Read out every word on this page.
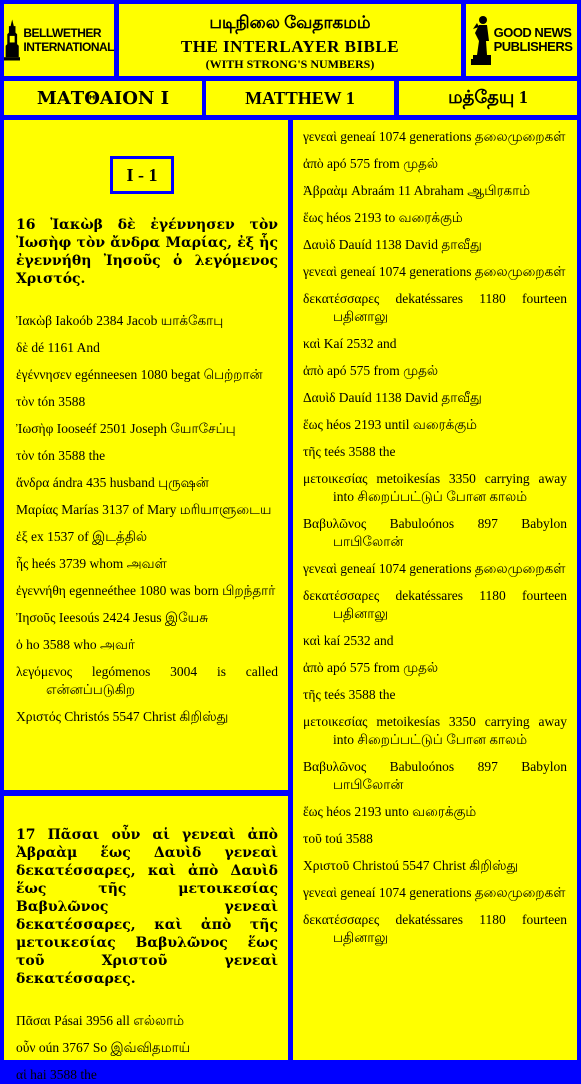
BELLWETHER
INTERNATIONAL
படிநிலை வேதாகமம்
THE INTERLAYER BIBLE
(WITH STRONG'S NUMBERS)
GOOD NEWS
PUBLISHERS
ΜΑΤΘΑΙΟΝ Ι	MATTHEW 1	மத்தேயு 1
I - 1
16 Ἰακὼβ δὲ ἐγέννησεν τὸν Ἰωσὴφ τὸν ἄνδρα Μαρίας, ἐξ ἧς ἐγεννήθη Ἰησοῦς ὁ λεγόμενος Χριστός.
Ἰακὼβ Iakoób 2384 Jacob யாக்கோபு
δὲ dé 1161 And
ἐγέννησεν egénneesen 1080 begat பெற்றான்
τὸν tón 3588
Ἰωσὴφ Iooseéf 2501 Joseph யோசேப்பு
τὸν tón 3588 the
ἄνδρα ándra 435 husband புருஷன்
Μαρίας Marías 3137 of Mary மரியாளுடைய
ἐξ ex 1537 of இடத்தில்
ἧς heés 3739 whom அவள்
ἐγεννήθη egenneéthee 1080 was born பிறந்தார்
Ἰησοῦς Ieesoús 2424 Jesus இயேசு
ὁ ho 3588 who அவர்
λεγόμενος legómenos 3004 is called என்னப்படுகிற
Χριστός Christós 5547 Christ கிறிஸ்து
17 Πᾶσαι οὖν αἱ γενεαὶ ἀπὸ Ἀβραὰμ ἕως Δαυὶδ γενεαὶ δεκατέσσαρες, καὶ ἀπὸ Δαυὶδ ἕως τῆς μετοικεσίας Βαβυλῶνος γενεαὶ δεκατέσσαρες, καὶ ἀπὸ τῆς μετοικεσίας Βαβυλῶνος ἕως τοῦ Χριστοῦ γενεαὶ δεκατέσσαρες.
Πᾶσαι Pásai 3956 all எல்லாம்
οὖν oún 3767 So இவ்விதமாய்
αἱ hai 3588 the
γενεαὶ geneaí 1074 generations தலைமுறைகள்
ἀπὸ apó 575 from முதல்
Ἀβραὰμ Abraám 11 Abraham ஆபிரகாம்
ἕως héos 2193 to வரைக்கும்
Δαυὶδ Dauíd 1138 David தாவீது
γενεαὶ geneaí 1074 generations தலைமுறைகள்
δεκατέσσαρες dekatéssares 1180 fourteen பதினாலு
καὶ Kaí 2532 and
ἀπὸ apó 575 from முதல்
Δαυὶδ Dauíd 1138 David தாவீது
ἕως héos 2193 until வரைக்கும்
τῆς teés 3588 the
μετοικεσίας metoikesías 3350 carrying away into சிறைப்பட்டுப் போன காலம்
Βαβυλῶνος Babuloónos 897 Babylon பாபிலோன்
γενεαὶ geneaí 1074 generations தலைமுறைகள்
δεκατέσσαρες dekatéssares 1180 fourteen பதினாலு
καὶ kaí 2532 and
ἀπὸ apó 575 from முதல்
τῆς teés 3588 the
μετοικεσίας metoikesías 3350 carrying away into சிறைப்பட்டுப் போன காலம்
Βαβυλῶνος Babuloónos 897 Babylon பாபிலோன்
ἕως héos 2193 unto வரைக்கும்
τοῦ toú 3588
Χριστοῦ Christoú 5547 Christ கிறிஸ்து
γενεαὶ geneaí 1074 generations தலைமுறைகள்
δεκατέσσαρες dekatéssares 1180 fourteen பதினாலு
